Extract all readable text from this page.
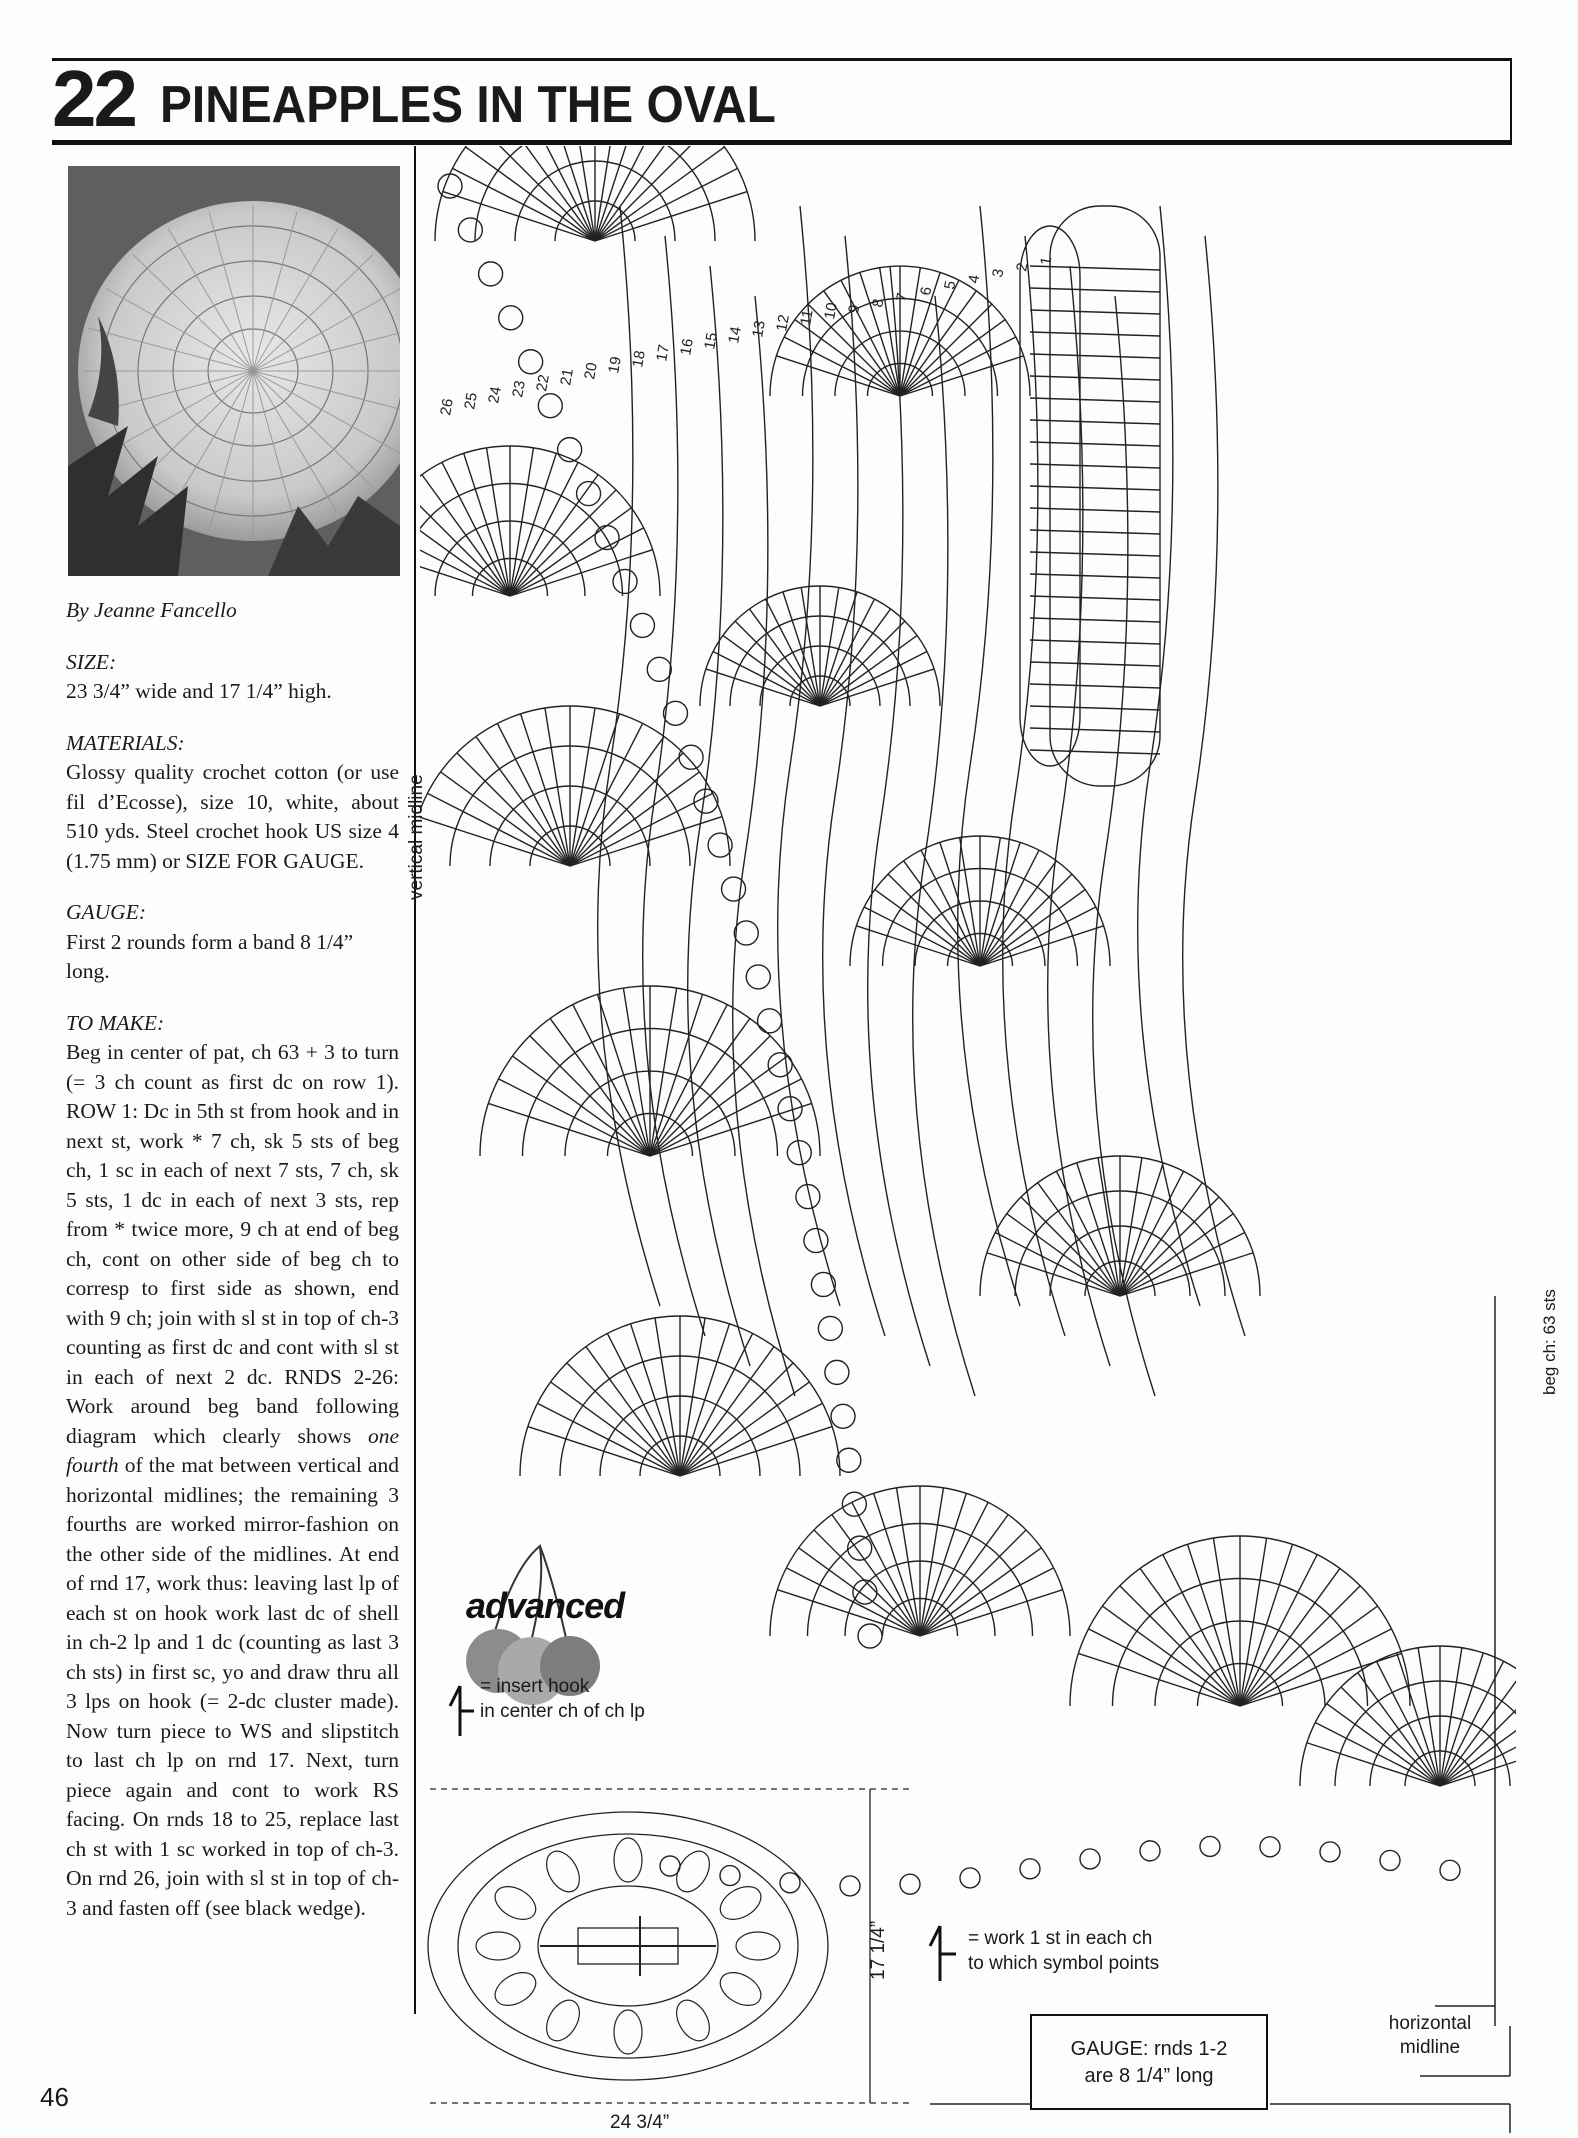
22 PINEAPPLES IN THE OVAL

By Jeanne Fancello

SIZE:

23 3/4” wide and 17 1/4” high.

MATERIALS:

Glossy quality crochet cotton (or use fil d’Ecosse), size 10, white, about 510 yds. Steel crochet hook US size 4 (1.75 mm) or SIZE FOR GAUGE.

GAUGE:

First 2 rounds form a band 8 1/4” long.

TO MAKE:

Beg in center of pat, ch 63 + 3 to turn (= 3 ch count as first dc on row 1). ROW 1: Dc in 5th st from hook and in next st, work * 7 ch, sk 5 sts of beg ch, 1 sc in each of next 7 sts, 7 ch, sk 5 sts, 1 dc in each of next 3 sts, rep from * twice more, 9 ch at end of beg ch, cont on other side of beg ch to corresp to first side as shown, end with 9 ch; join with sl st in top of ch-3 counting as first dc and cont with sl st in each of next 2 dc. RNDS 2-26: Work around beg band following diagram which clearly shows one fourth of the mat between vertical and horizontal midlines; the remaining 3 fourths are worked mirror-fashion on the other side of the midlines. At end of rnd 17, work thus: leaving last lp of each st on hook work last dc of shell in ch-2 lp and 1 dc (counting as last 3 ch sts) in first sc, yo and draw thru all 3 lps on hook (= 2-dc cluster made). Now turn piece to WS and slipstitch to last ch lp on rnd 17. Next, turn piece again and cont to work RS facing. On rnds 18 to 25, replace last ch st with 1 sc worked in top of ch-3. On rnd 26, join with sl st in top of ch-3 and fasten off (see black wedge).

46
26 25 24 23 22 21 20 19 18 17 16 15 14 13 12 11 10 9
8
7
6
5
4
3
2
1
advanced
= insert hook
in center ch of ch lp
= work 1 st in each ch
to which symbol points
GAUGE: rnds 1-2
are 8 1/4” long
horizontal
midline
vertical midline
beg ch: 63 sts
24 3/4”
17 1/4”
